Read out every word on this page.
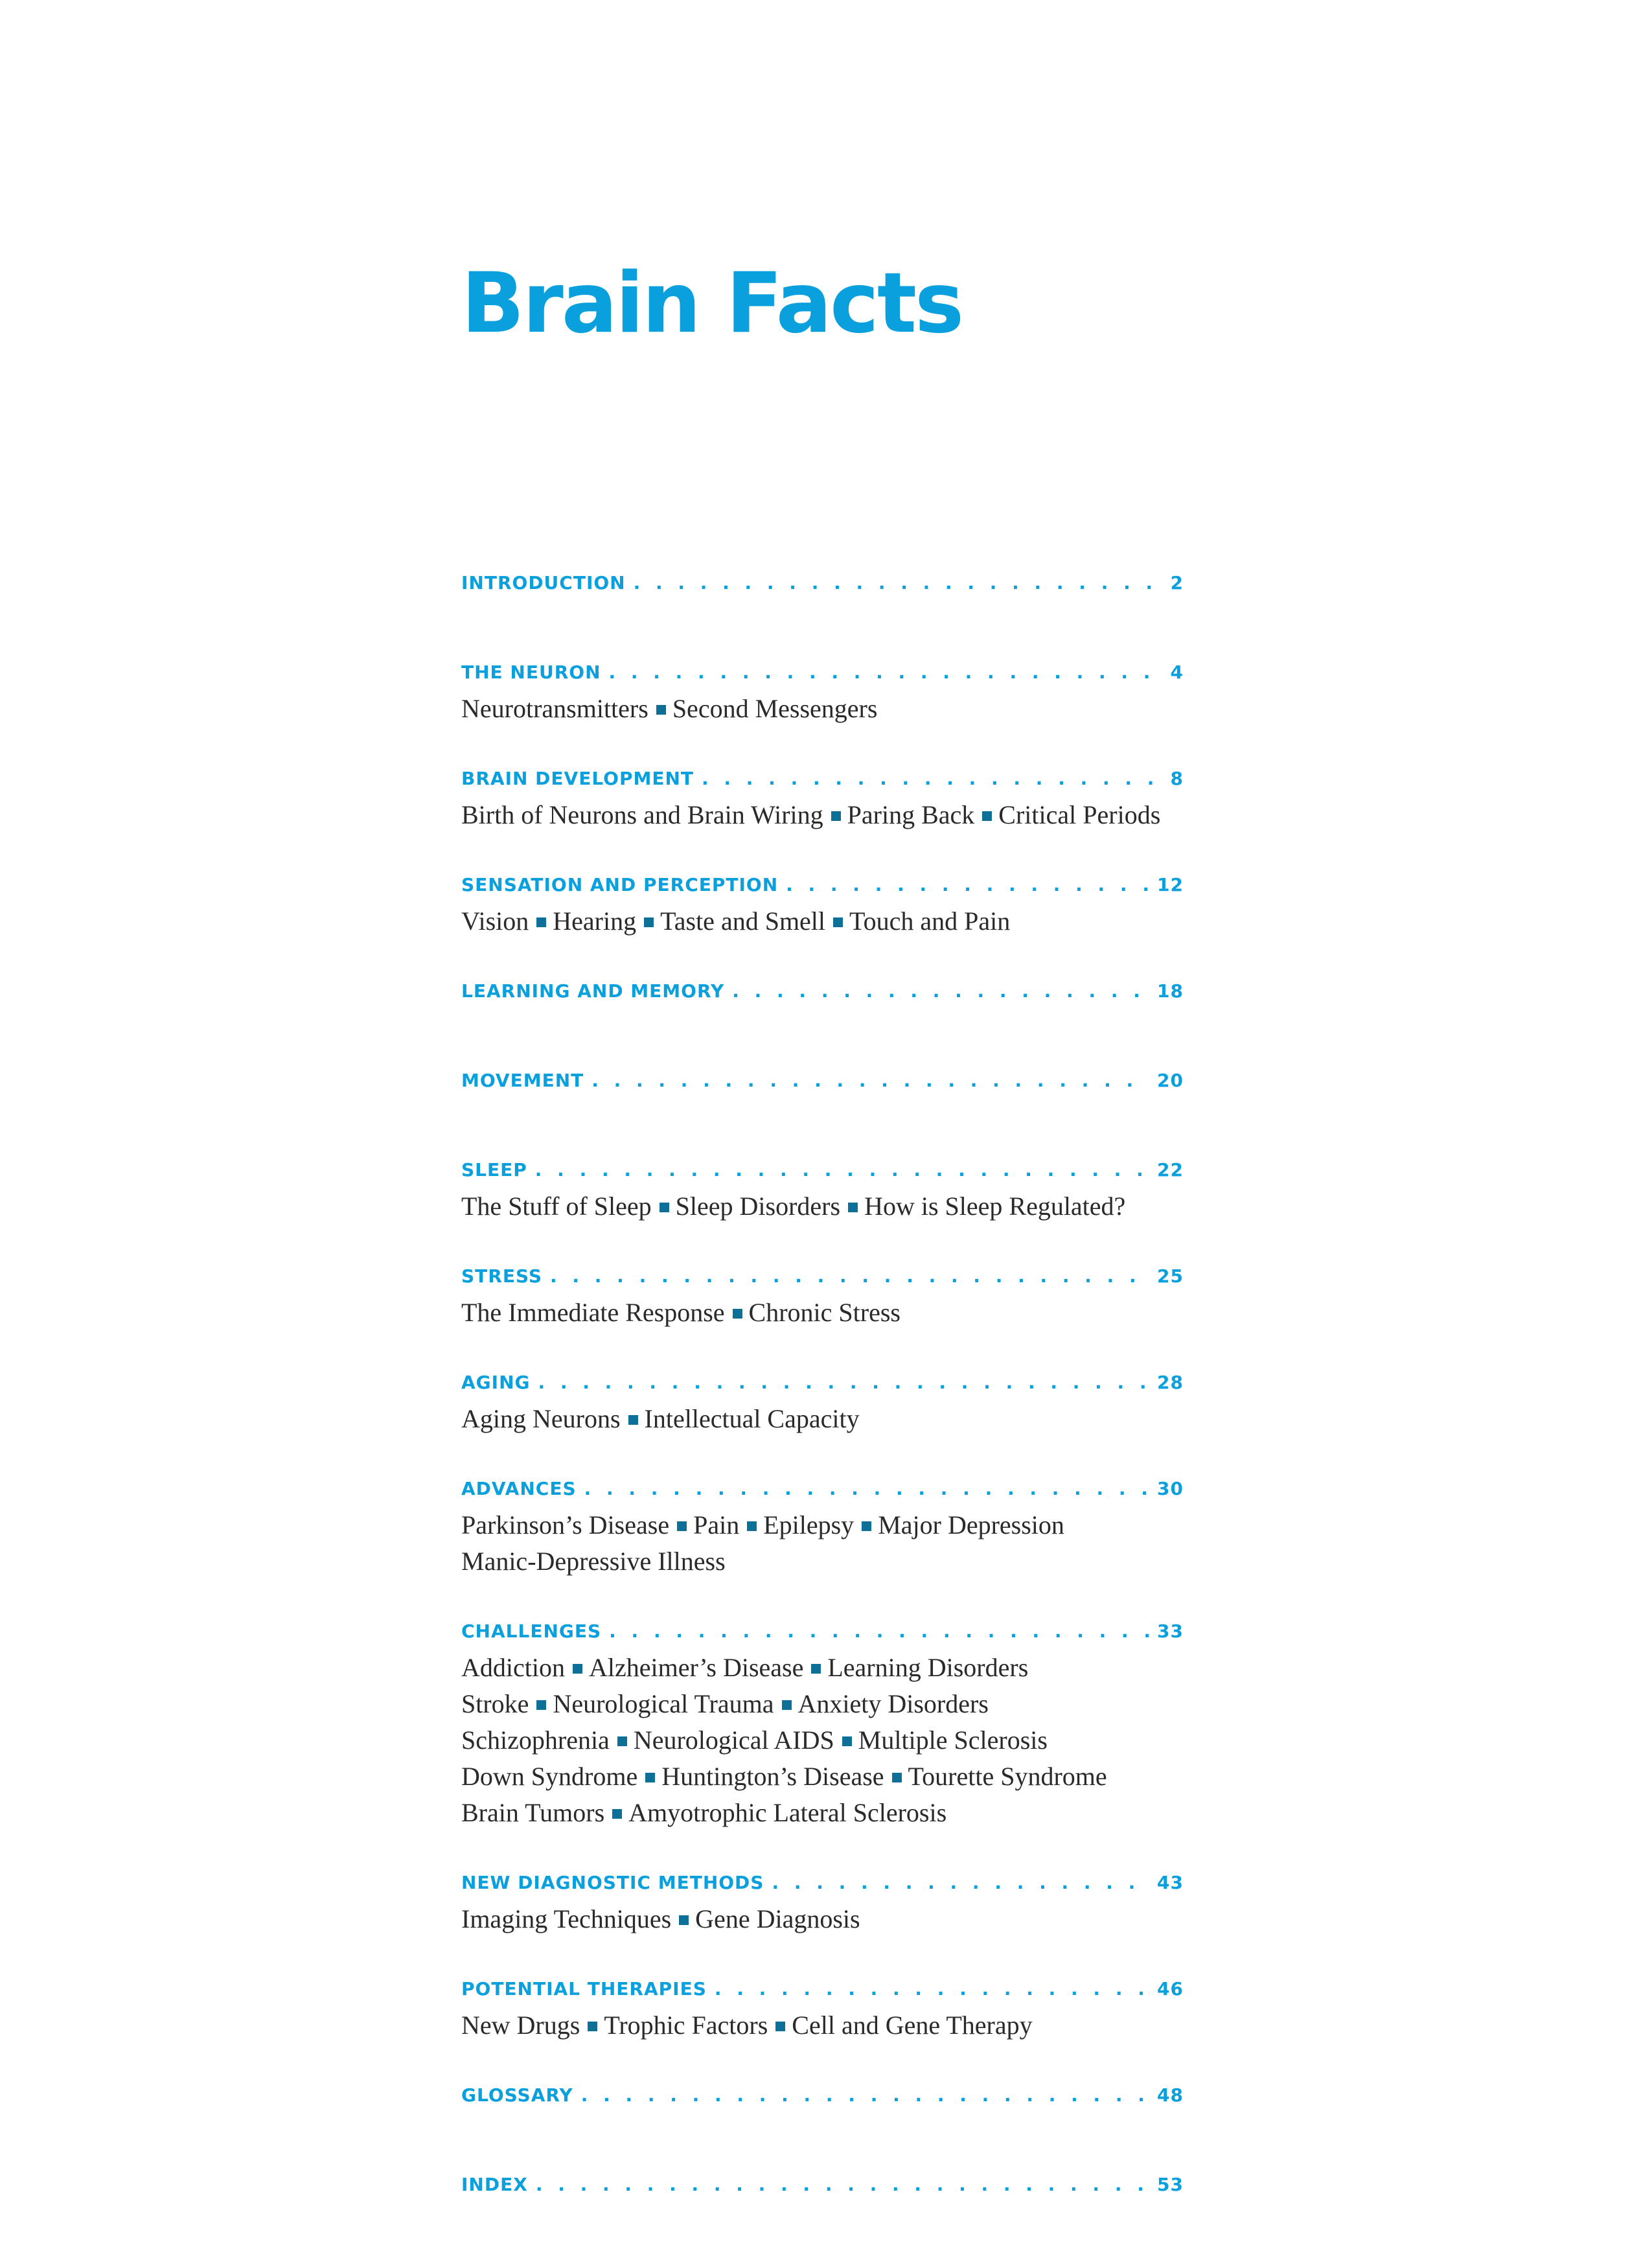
Brain Facts
INTRODUCTION . . .	2
THE NEURON . . .	4
Neurotransmitters Second Messengers
BRAIN DEVELOPMENT . . .	8
Birth of Neurons and Brain Wiring Paring Back Critical Periods
SENSATION AND PERCEPTION . . .	12
Vision Hearing Taste and Smell Touch and Pain
LEARNING AND MEMORY . . .	18
MOVEMENT . . .	20
SLEEP . . .	22
The Stuff of Sleep Sleep Disorders How is Sleep Regulated?
STRESS . . .	25
The Immediate Response Chronic Stress
AGING . . .	28
Aging Neurons Intellectual Capacity
ADVANCES . . .	30
Parkinson’s Disease Pain Epilepsy Major Depression
Manic-Depressive Illness
CHALLENGES . . .	33
Addiction Alzheimer’s Disease Learning Disorders
Stroke Neurological Trauma Anxiety Disorders
Schizophrenia Neurological AIDS Multiple Sclerosis
Down Syndrome Huntington’s Disease Tourette Syndrome
Brain Tumors Amyotrophic Lateral Sclerosis
NEW DIAGNOSTIC METHODS . . .	43
Imaging Techniques Gene Diagnosis
POTENTIAL THERAPIES . . .	46
New Drugs Trophic Factors Cell and Gene Therapy
GLOSSARY . . .	48
INDEX . . .	53
